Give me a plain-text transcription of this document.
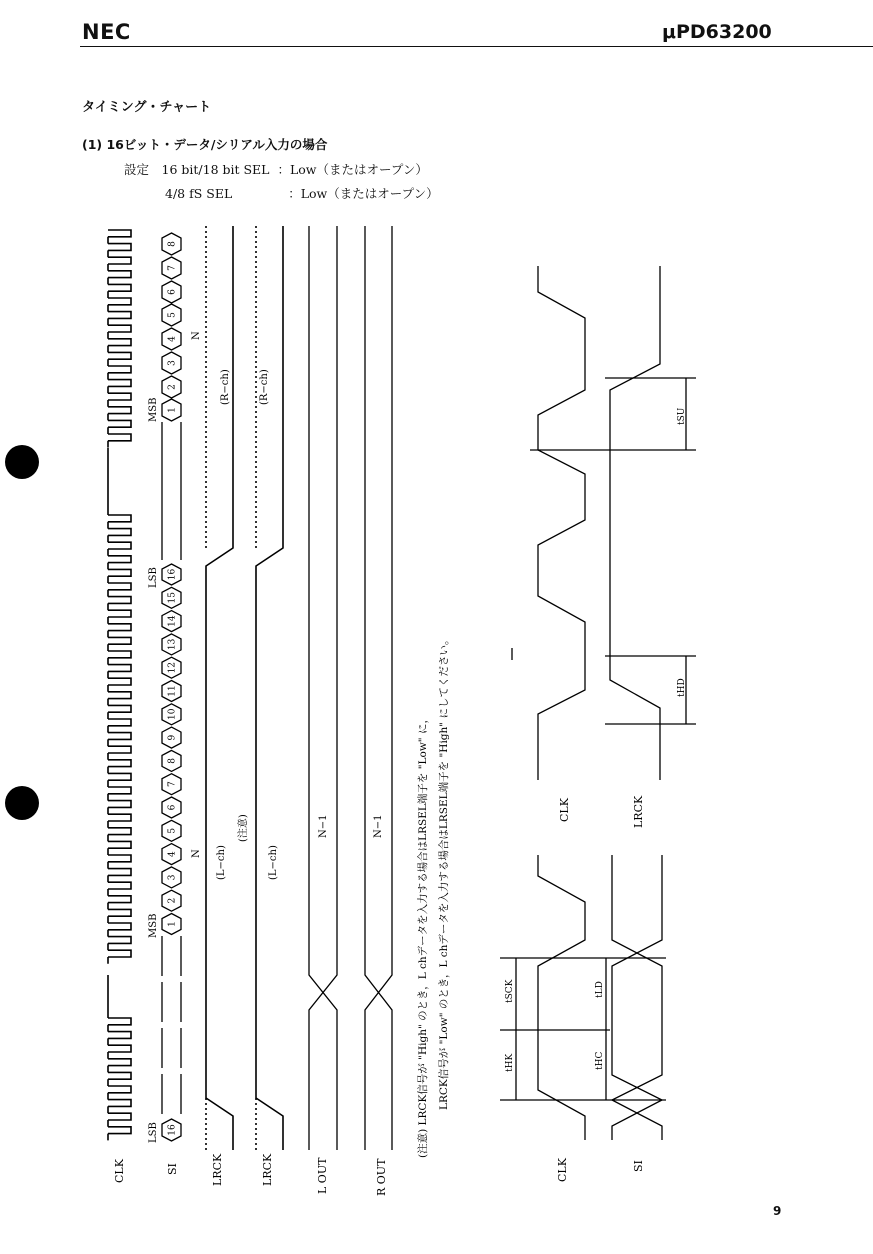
NEC	μPD63200
タイミング・チャート
(1) 16ビット・データ/シリアル入力の場合
設定　16 bit/18 bit SEL ：Low（またはオープン）
4/8 fS SEL	：Low（またはオープン）
1
2
3
4
5
6
7
8
1
2
3
4
5
6
7
8
9
10
11
12
13
14
15
16
16
CLK	SI	LRCK	LRCK	L OUT	R OUT
LSB
MSB
LSB
MSB
N
N
(L−ch)
(R−ch)
(注意)
(L−ch)
(R−ch)
N−1	N−1	(注意) LRCK信号が "High" のとき，L chデータを入力する場合はLRSEL端子を "Low" に， LRCK信号が "Low" のとき，L chデータを入力する場合はLRSEL端子を "High" にしてください。	CLK	LRCK
CLK	SI
tSU
tHD
tSCK
tHK
tLD
tHC
9
